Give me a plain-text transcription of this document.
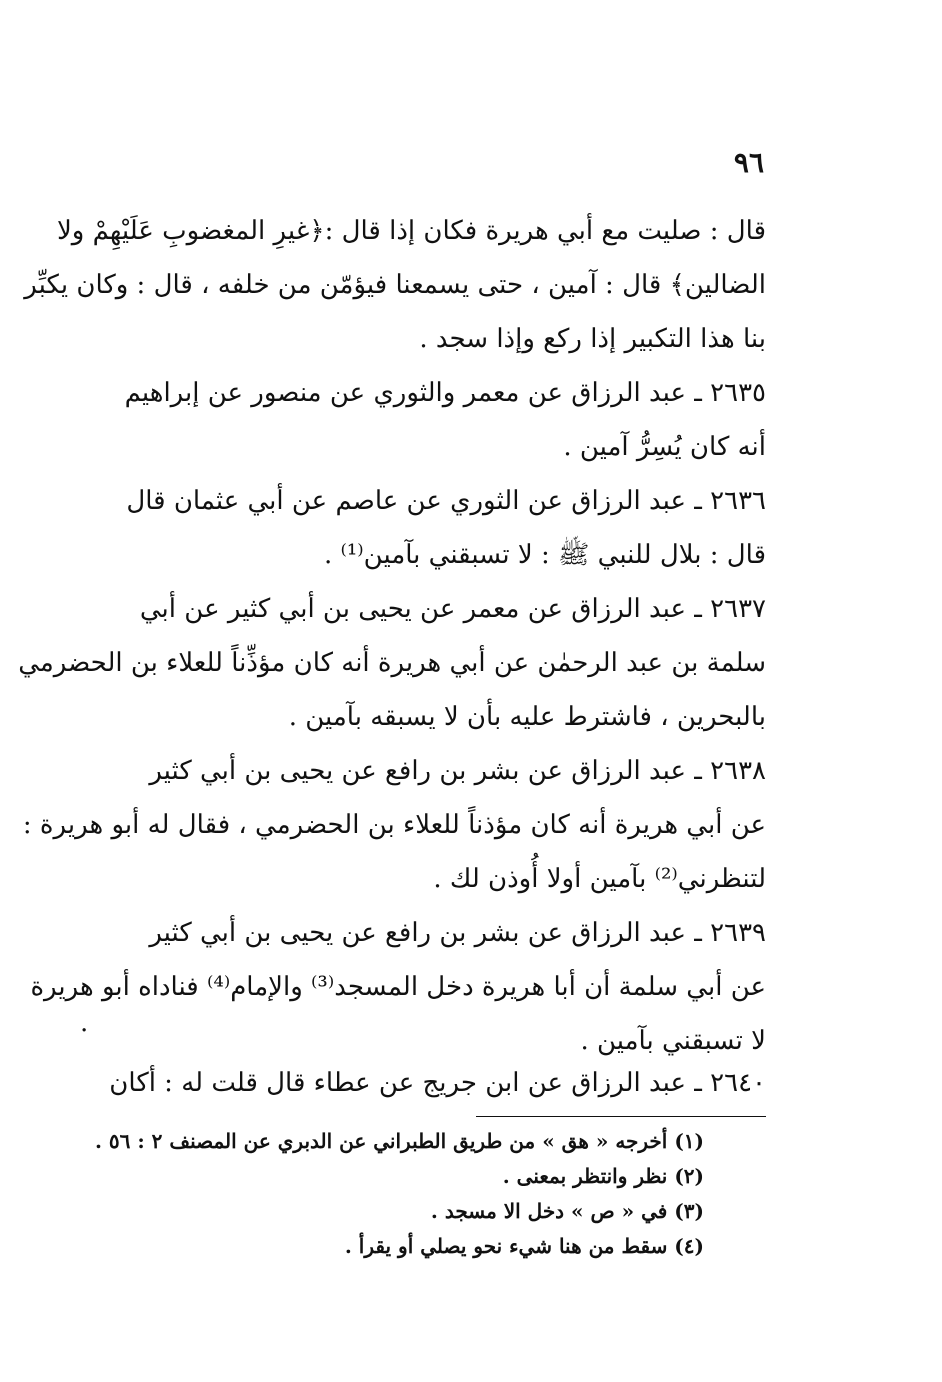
٩٦
قال : صليت مع أبي هريرة فكان إذا قال :﴿غيرِ المغضوبِ عَلَيْهِمْ ولا
الضالين﴾ قال : آمين ، حتى يسمعنا فيؤمّن من خلفه ، قال : وكان يكبِّر
بنا هذا التكبير إذا ركع وإذا سجد .
٢٦٣٥ ـ عبد الرزاق عن معمر والثوري عن منصور عن إبراهيم
أنه كان يُسِرُّ آمين .
٢٦٣٦ ـ عبد الرزاق عن الثوري عن عاصم عن أبي عثمان قال
قال : بلال للنبي ﷺ : لا تسبقني بآمين⁽¹⁾ .
٢٦٣٧ ـ عبد الرزاق عن معمر عن يحيى بن أبي كثير عن أبي
سلمة بن عبد الرحمٰن عن أبي هريرة أنه كان مؤذِّناً للعلاء بن الحضرمي
بالبحرين ، فاشترط عليه بأن لا يسبقه بآمين .
٢٦٣٨ ـ عبد الرزاق عن بشر بن رافع عن يحيى بن أبي كثير
عن أبي هريرة أنه كان مؤذناً للعلاء بن الحضرمي ، فقال له أبو هريرة :
لتنظرني⁽²⁾ بآمين أولا أُوذن لك .
٢٦٣٩ ـ عبد الرزاق عن بشر بن رافع عن يحيى بن أبي كثير
عن أبي سلمة أن أبا هريرة دخل المسجد⁽³⁾ والإمام⁽⁴⁾ فناداه أبو هريرة
لا تسبقني بآمين .
.
٢٦٤٠ ـ عبد الرزاق عن ابن جريج عن عطاء قال قلت له : أكان
(١) أخرجه « هق » من طريق الطبراني عن الدبري عن المصنف ٢ : ٥٦ .
(٢) نظر وانتظر بمعنى .
(٣) في « ص » دخل الا مسجد .
(٤) سقط من هنا شيء نحو يصلي أو يقرأ .
